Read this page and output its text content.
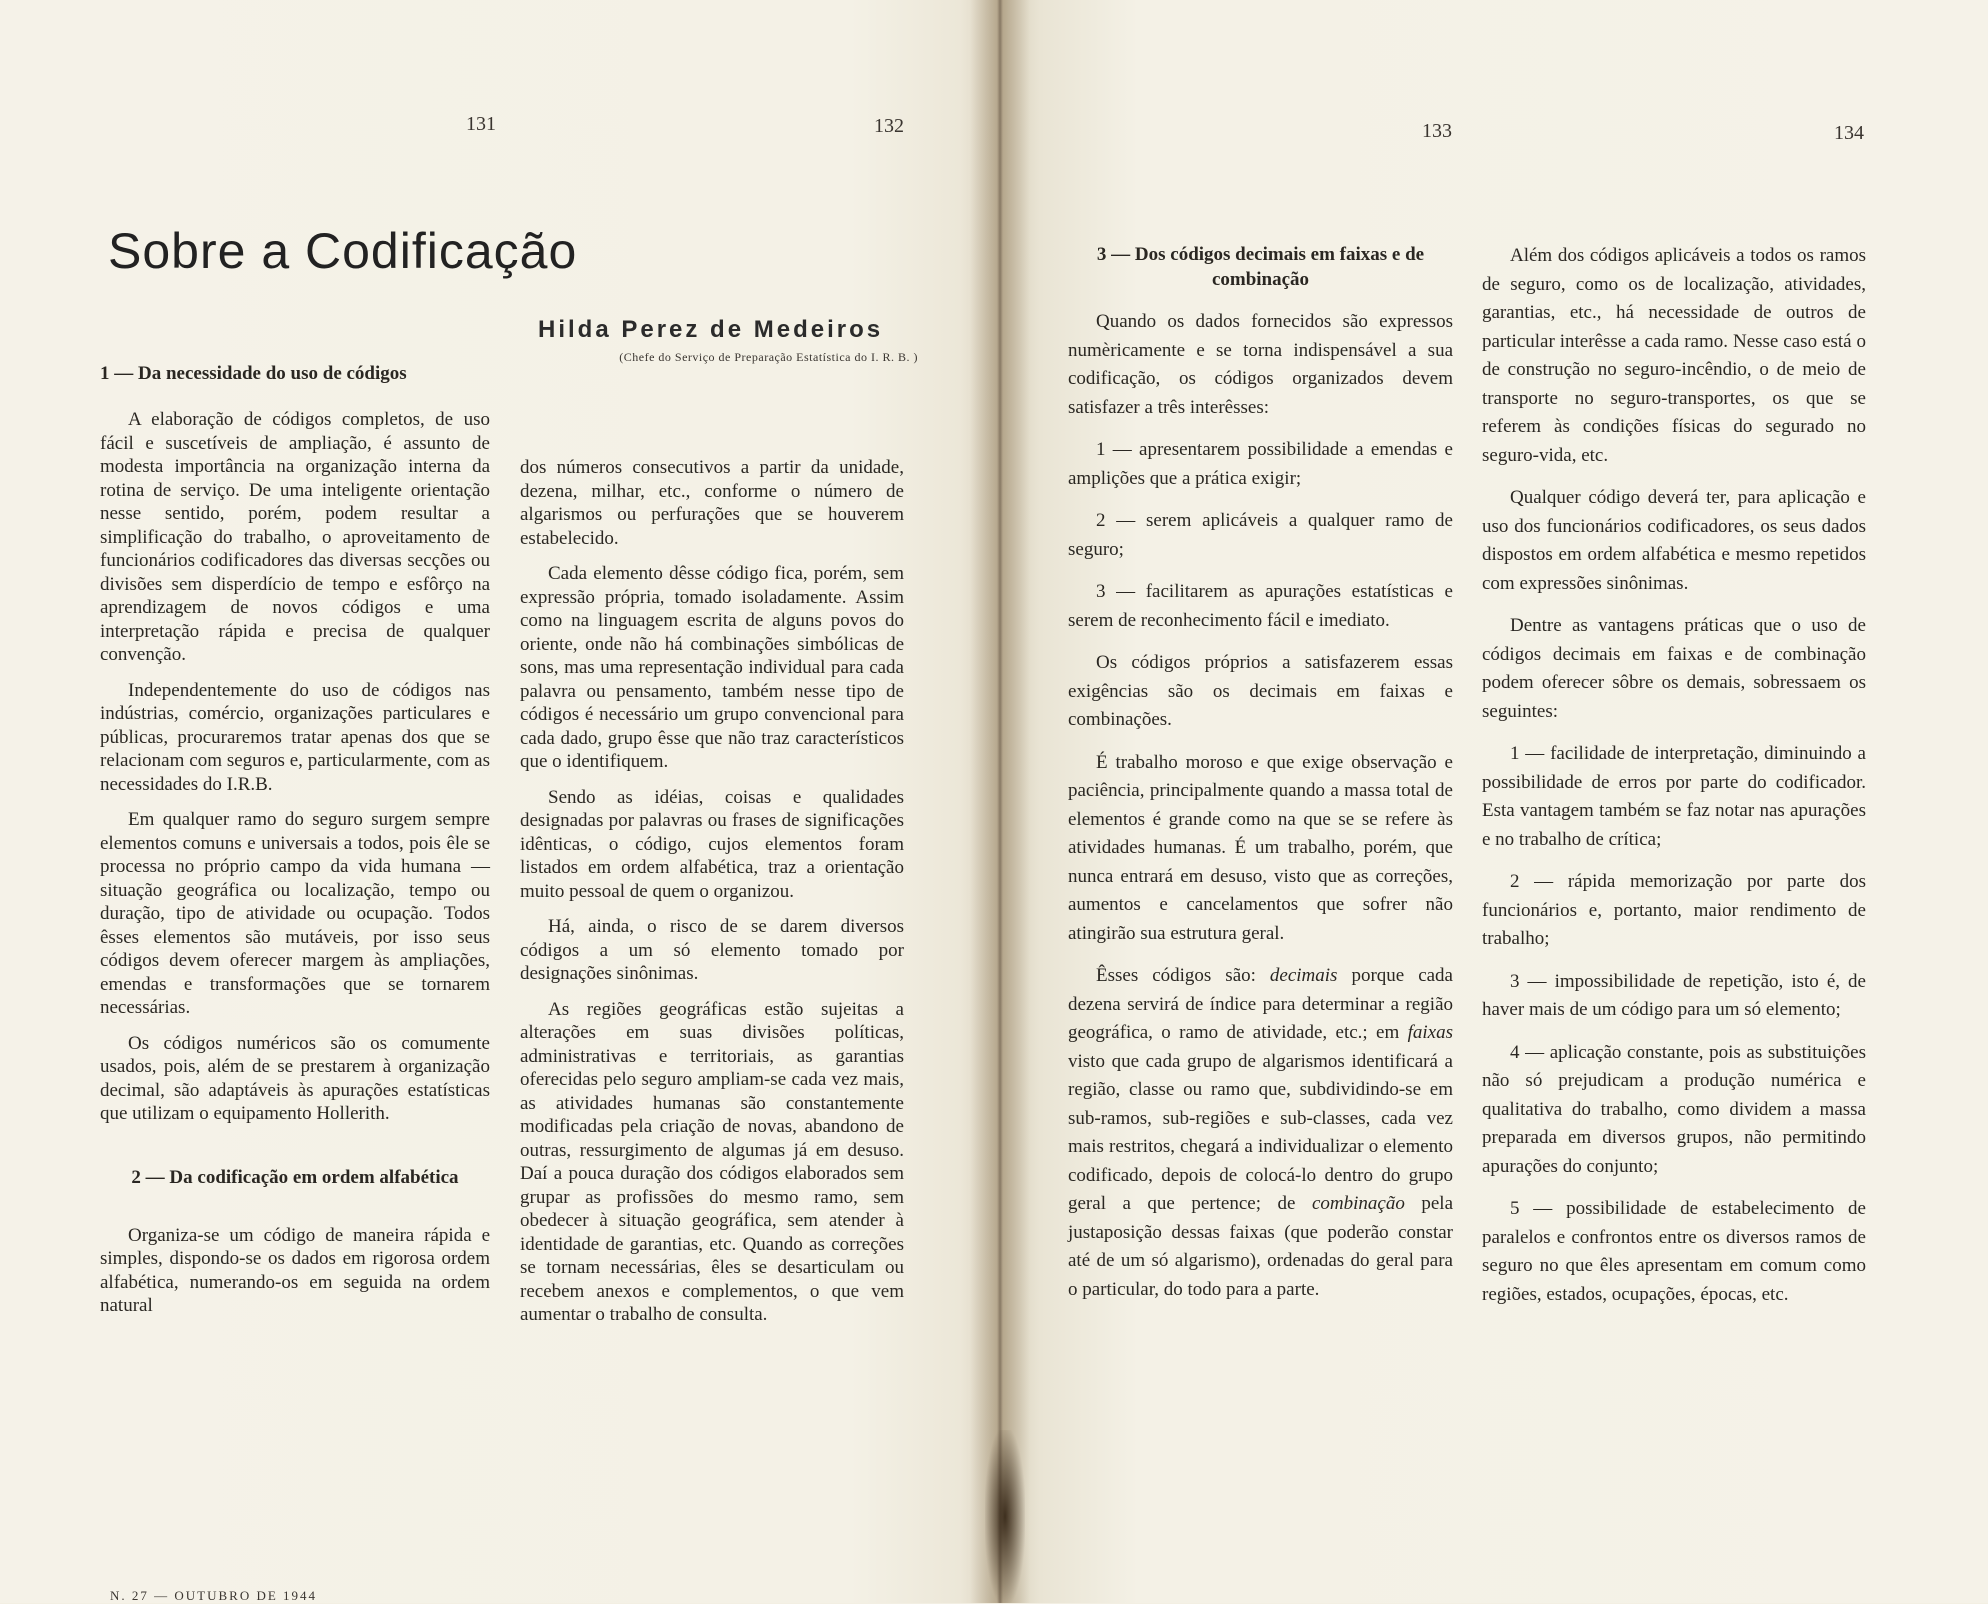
131	132	133	134
Sobre a Codificação
Hilda Perez de Medeiros
(Chefe do Serviço de Preparação Estatística do I. R. B. )
1 — Da necessidade do uso de códigos

A elaboração de códigos completos, de uso fácil e suscetíveis de ampliação, é assunto de modesta importância na organização interna da rotina de serviço. De uma inteligente orientação nesse sentido, porém, podem resultar a simplificação do trabalho, o aproveitamento de funcionários codificadores das diversas secções ou divisões sem disperdício de tempo e esfôrço na aprendizagem de novos códigos e uma interpretação rápida e precisa de qualquer convenção.

Independentemente do uso de códigos nas indústrias, comércio, organizações particulares e públicas, procuraremos tratar apenas dos que se relacionam com seguros e, particularmente, com as necessidades do I.R.B.

Em qualquer ramo do seguro surgem sempre elementos comuns e universais a todos, pois êle se processa no próprio campo da vida humana — situação geográfica ou localização, tempo ou duração, tipo de atividade ou ocupação. Todos êsses elementos são mutáveis, por isso seus códigos devem oferecer margem às ampliações, emendas e transformações que se tornarem necessárias.

Os códigos numéricos são os comumente usados, pois, além de se prestarem à organização decimal, são adaptáveis às apurações estatísticas que utilizam o equipamento Hollerith.

2 — Da codificação em ordem alfabética

Organiza-se um código de maneira rápida e simples, dispondo-se os dados em rigorosa ordem alfabética, numerando-os em seguida na ordem natural

dos números consecutivos a partir da unidade, dezena, milhar, etc., conforme o número de algarismos ou perfurações que se houverem estabelecido.

Cada elemento dêsse código fica, porém, sem expressão própria, tomado isoladamente. Assim como na linguagem escrita de alguns povos do oriente, onde não há combinações simbólicas de sons, mas uma representação individual para cada palavra ou pensamento, também nesse tipo de códigos é necessário um grupo convencional para cada dado, grupo êsse que não traz característicos que o identifiquem.

Sendo as idéias, coisas e qualidades designadas por palavras ou frases de significações idênticas, o código, cujos elementos foram listados em ordem alfabética, traz a orientação muito pessoal de quem o organizou.

Há, ainda, o risco de se darem diversos códigos a um só elemento tomado por designações sinônimas.

As regiões geográficas estão sujeitas a alterações em suas divisões políticas, administrativas e territoriais, as garantias oferecidas pelo seguro ampliam-se cada vez mais, as atividades humanas são constantemente modificadas pela criação de novas, abandono de outras, ressurgimento de algumas já em desuso. Daí a pouca duração dos códigos elaborados sem grupar as profissões do mesmo ramo, sem obedecer à situação geográfica, sem atender à identidade de garantias, etc. Quando as correções se tornam necessárias, êles se desarticulam ou recebem anexos e complementos, o que vem aumentar o trabalho de consulta.

3 — Dos códigos decimais em faixas e de combinação

Quando os dados fornecidos são expressos numèricamente e se torna indispensável a sua codificação, os códigos organizados devem satisfazer a três interêsses:

1 — apresentarem possibilidade a emendas e amplições que a prática exigir;

2 — serem aplicáveis a qualquer ramo de seguro;

3 — facilitarem as apurações estatísticas e serem de reconhecimento fácil e imediato.

Os códigos próprios a satisfazerem essas exigências são os decimais em faixas e combinações.

É trabalho moroso e que exige observação e paciência, principalmente quando a massa total de elementos é grande como na que se se refere às atividades humanas. É um trabalho, porém, que nunca entrará em desuso, visto que as correções, aumentos e cancelamentos que sofrer não atingirão sua estrutura geral.

Êsses códigos são: decimais porque cada dezena servirá de índice para determinar a região geográfica, o ramo de atividade, etc.; em faixas visto que cada grupo de algarismos identificará a região, classe ou ramo que, subdividindo-se em sub-ramos, sub-regiões e sub-classes, cada vez mais restritos, chegará a individualizar o elemento codificado, depois de colocá-lo dentro do grupo geral a que pertence; de combinação pela justaposição dessas faixas (que poderão constar até de um só algarismo), ordenadas do geral para o particular, do todo para a parte.

Além dos códigos aplicáveis a todos os ramos de seguro, como os de localização, atividades, garantias, etc., há necessidade de outros de particular interêsse a cada ramo. Nesse caso está o de construção no seguro-incêndio, o de meio de transporte no seguro-transportes, os que se referem às condições físicas do segurado no seguro-vida, etc.

Qualquer código deverá ter, para aplicação e uso dos funcionários codificadores, os seus dados dispostos em ordem alfabética e mesmo repetidos com expressões sinônimas.

Dentre as vantagens práticas que o uso de códigos decimais em faixas e de combinação podem oferecer sôbre os demais, sobressaem os seguintes:

1 — facilidade de interpretação, diminuindo a possibilidade de erros por parte do codificador. Esta vantagem também se faz notar nas apurações e no trabalho de crítica;

2 — rápida memorização por parte dos funcionários e, portanto, maior rendimento de trabalho;

3 — impossibilidade de repetição, isto é, de haver mais de um código para um só elemento;

4 — aplicação constante, pois as substituições não só prejudicam a produção numérica e qualitativa do trabalho, como dividem a massa preparada em diversos grupos, não permitindo apurações do conjunto;

5 — possibilidade de estabelecimento de paralelos e confrontos entre os diversos ramos de seguro no que êles apresentam em comum como regiões, estados, ocupações, épocas, etc.

N. 27 — OUTUBRO DE 1944
